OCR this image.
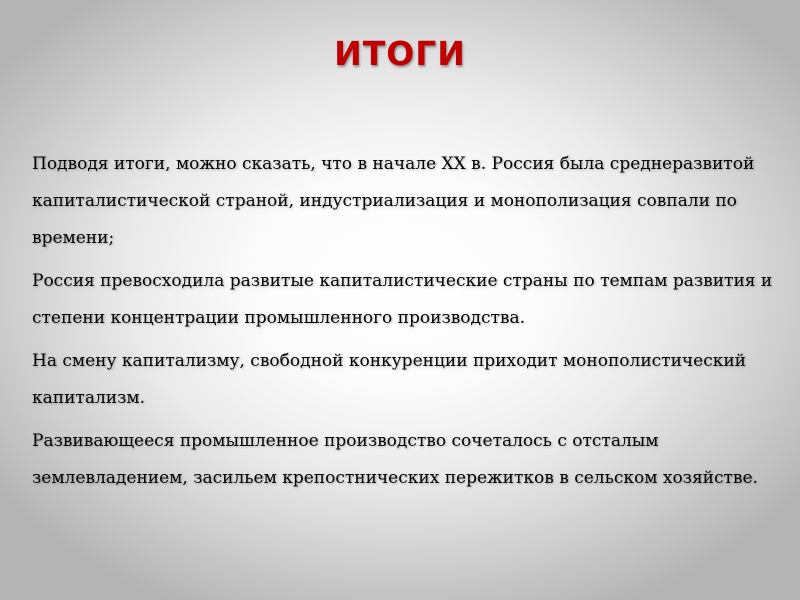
ИТОГИ

Подводя итоги, можно сказать, что в начале XX в. Россия была среднеразвитой капиталистической страной, индустриализация и монополизация совпали по времени;

Россия превосходила развитые капиталистические страны по темпам развития и степени концентрации промышленного производства.

На смену капитализму, свободной конкуренции приходит монополистический капитализм.

Развивающееся промышленное производство сочеталось с отсталым землевладением, засильем крепостнических пережитков в сельском хозяйстве.
